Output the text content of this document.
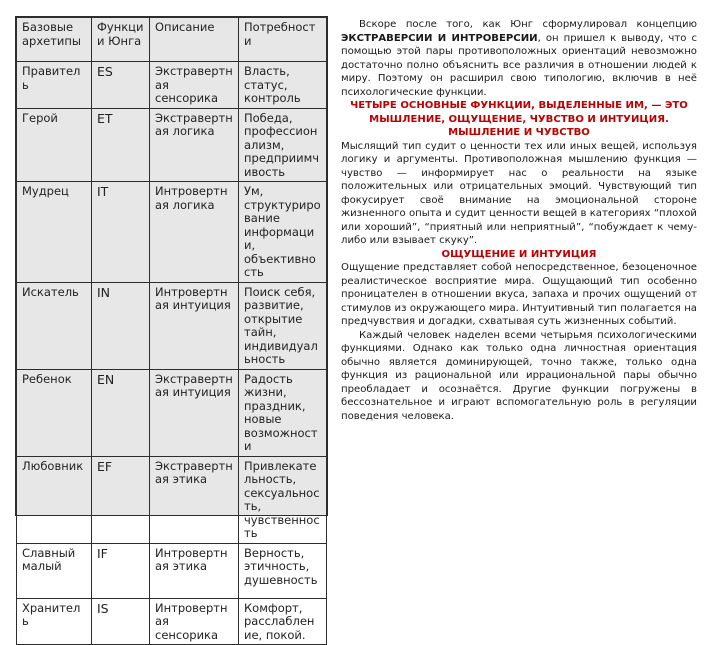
Базовые архетипы	Функции Юнга	Описание	Потребности
Правитель	ES	Экстравертная сенсорика	Власть, статус, контроль
Герой	ET	Экстравертная логика	Победа, профессионализм, предприимчивость
Мудрец	IT	Интровертная логика	Ум, структурирование информации, объективность
Искатель	IN	Интровертная интуиция	Поиск себя, развитие, открытие тайн, индивидуальность
Ребенок	EN	Экстравертная интуиция	Радость жизни, праздник, новые возможности
Любовник	EF	Экстравертная этика	Привлекательность, сексуальность, чувственность
Славный малый	IF	Интровертная этика	Верность, этичность, душевность
Хранитель	IS	Интровертная сенсорика	Комфорт, расслабление, покой.

Вскоре после того, как Юнг сформулировал концепцию ЭКСТРАВЕРСИИ И ИНТРОВЕРСИИ, он пришел к выводу, что с помощью этой пары противоположных ориентаций невозможно достаточно полно объяснить все различия в отношении людей к миру. Поэтому он расширил свою типологию, включив в неё психологические функции.

ЧЕТЫРЕ ОСНОВНЫЕ ФУНКЦИИ, ВЫДЕЛЕННЫЕ ИМ, — ЭТО МЫШЛЕНИЕ, ОЩУЩЕНИЕ, ЧУВСТВО И ИНТУИЦИЯ.

МЫШЛЕНИЕ И ЧУВСТВО

Мыслящий тип судит о ценности тех или иных вещей, используя логику и аргументы. Противоположная мышлению функция — чувство — информирует нас о реальности на языке положительных или отрицательных эмоций. Чувствующий тип фокусирует своё внимание на эмоциональной стороне жизненного опыта и судит ценности вещей в категориях “плохой или хороший”, “приятный или неприятный”, “побуждает к чему-либо или взывает скуку”.

ОЩУЩЕНИЕ И ИНТУИЦИЯ

Ощущение представляет собой непосредственное, безоценочное реалистическое восприятие мира. Ощущающий тип особенно проницателен в отношении вкуса, запаха и прочих ощущений от стимулов из окружающего мира. Интуитивный тип полагается на предчувствия и догадки, схватывая суть жизненных событий.

Каждый человек наделен всеми четырьмя психологическими функциями. Однако как только одна личностная ориентация обычно является доминирующей, точно также, только одна функция из рациональной или иррациональной пары обычно преобладает и осознаётся. Другие функции погружены в бессознательное и играют вспомогательную роль в регуляции поведения человека.
